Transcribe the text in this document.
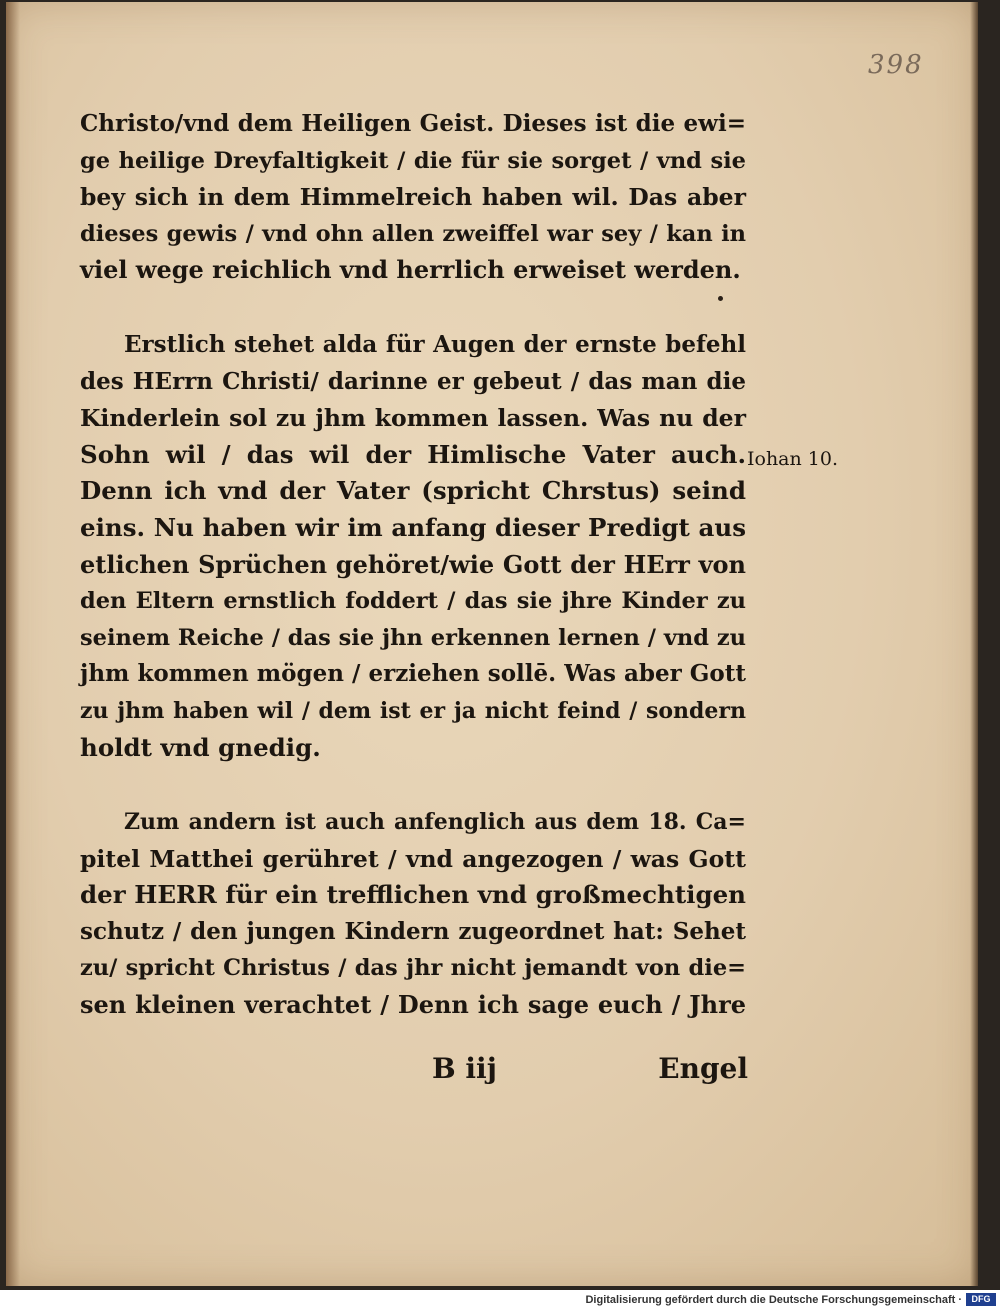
398
Christo/vnd dem Heiligen Geist. Dieses ist die ewi=
ge heilige Dreyfaltigkeit / die für sie sorget / vnd sie
bey sich in dem Himmelreich haben wil. Das aber
dieses gewis / vnd ohn allen zweiffel war sey / kan in
viel wege reichlich vnd herrlich erweiset werden.
Erstlich stehet alda für Augen der ernste befehl
des HErrn Christi/ darinne er gebeut / das man die
Kinderlein sol zu jhm kommen lassen. Was nu der
Sohn wil / das wil der Himlische Vater auch.
Denn ich vnd der Vater (spricht Chrstus) seind
eins. Nu haben wir im anfang dieser Predigt aus
etlichen Sprüchen gehöret/wie Gott der HErr von
den Eltern ernstlich foddert / das sie jhre Kinder zu
seinem Reiche / das sie jhn erkennen lernen / vnd zu
jhm kommen mögen / erziehen sollē. Was aber Gott
zu jhm haben wil / dem ist er ja nicht feind / sondern
holdt vnd gnedig.
Zum andern ist auch anfenglich aus dem 18. Ca=
pitel Matthei gerühret / vnd angezogen / was Gott
der HERR für ein trefflichen vnd großmechtigen
schutz / den jungen Kindern zugeordnet hat: Sehet
zu/ spricht Christus / das jhr nicht jemandt von die=
sen kleinen verachtet / Denn ich sage euch / Jhre
Iohan 10.
B iij	Engel
Digitalisierung gefördert durch die Deutsche Forschungsgemeinschaft ·	DFG
